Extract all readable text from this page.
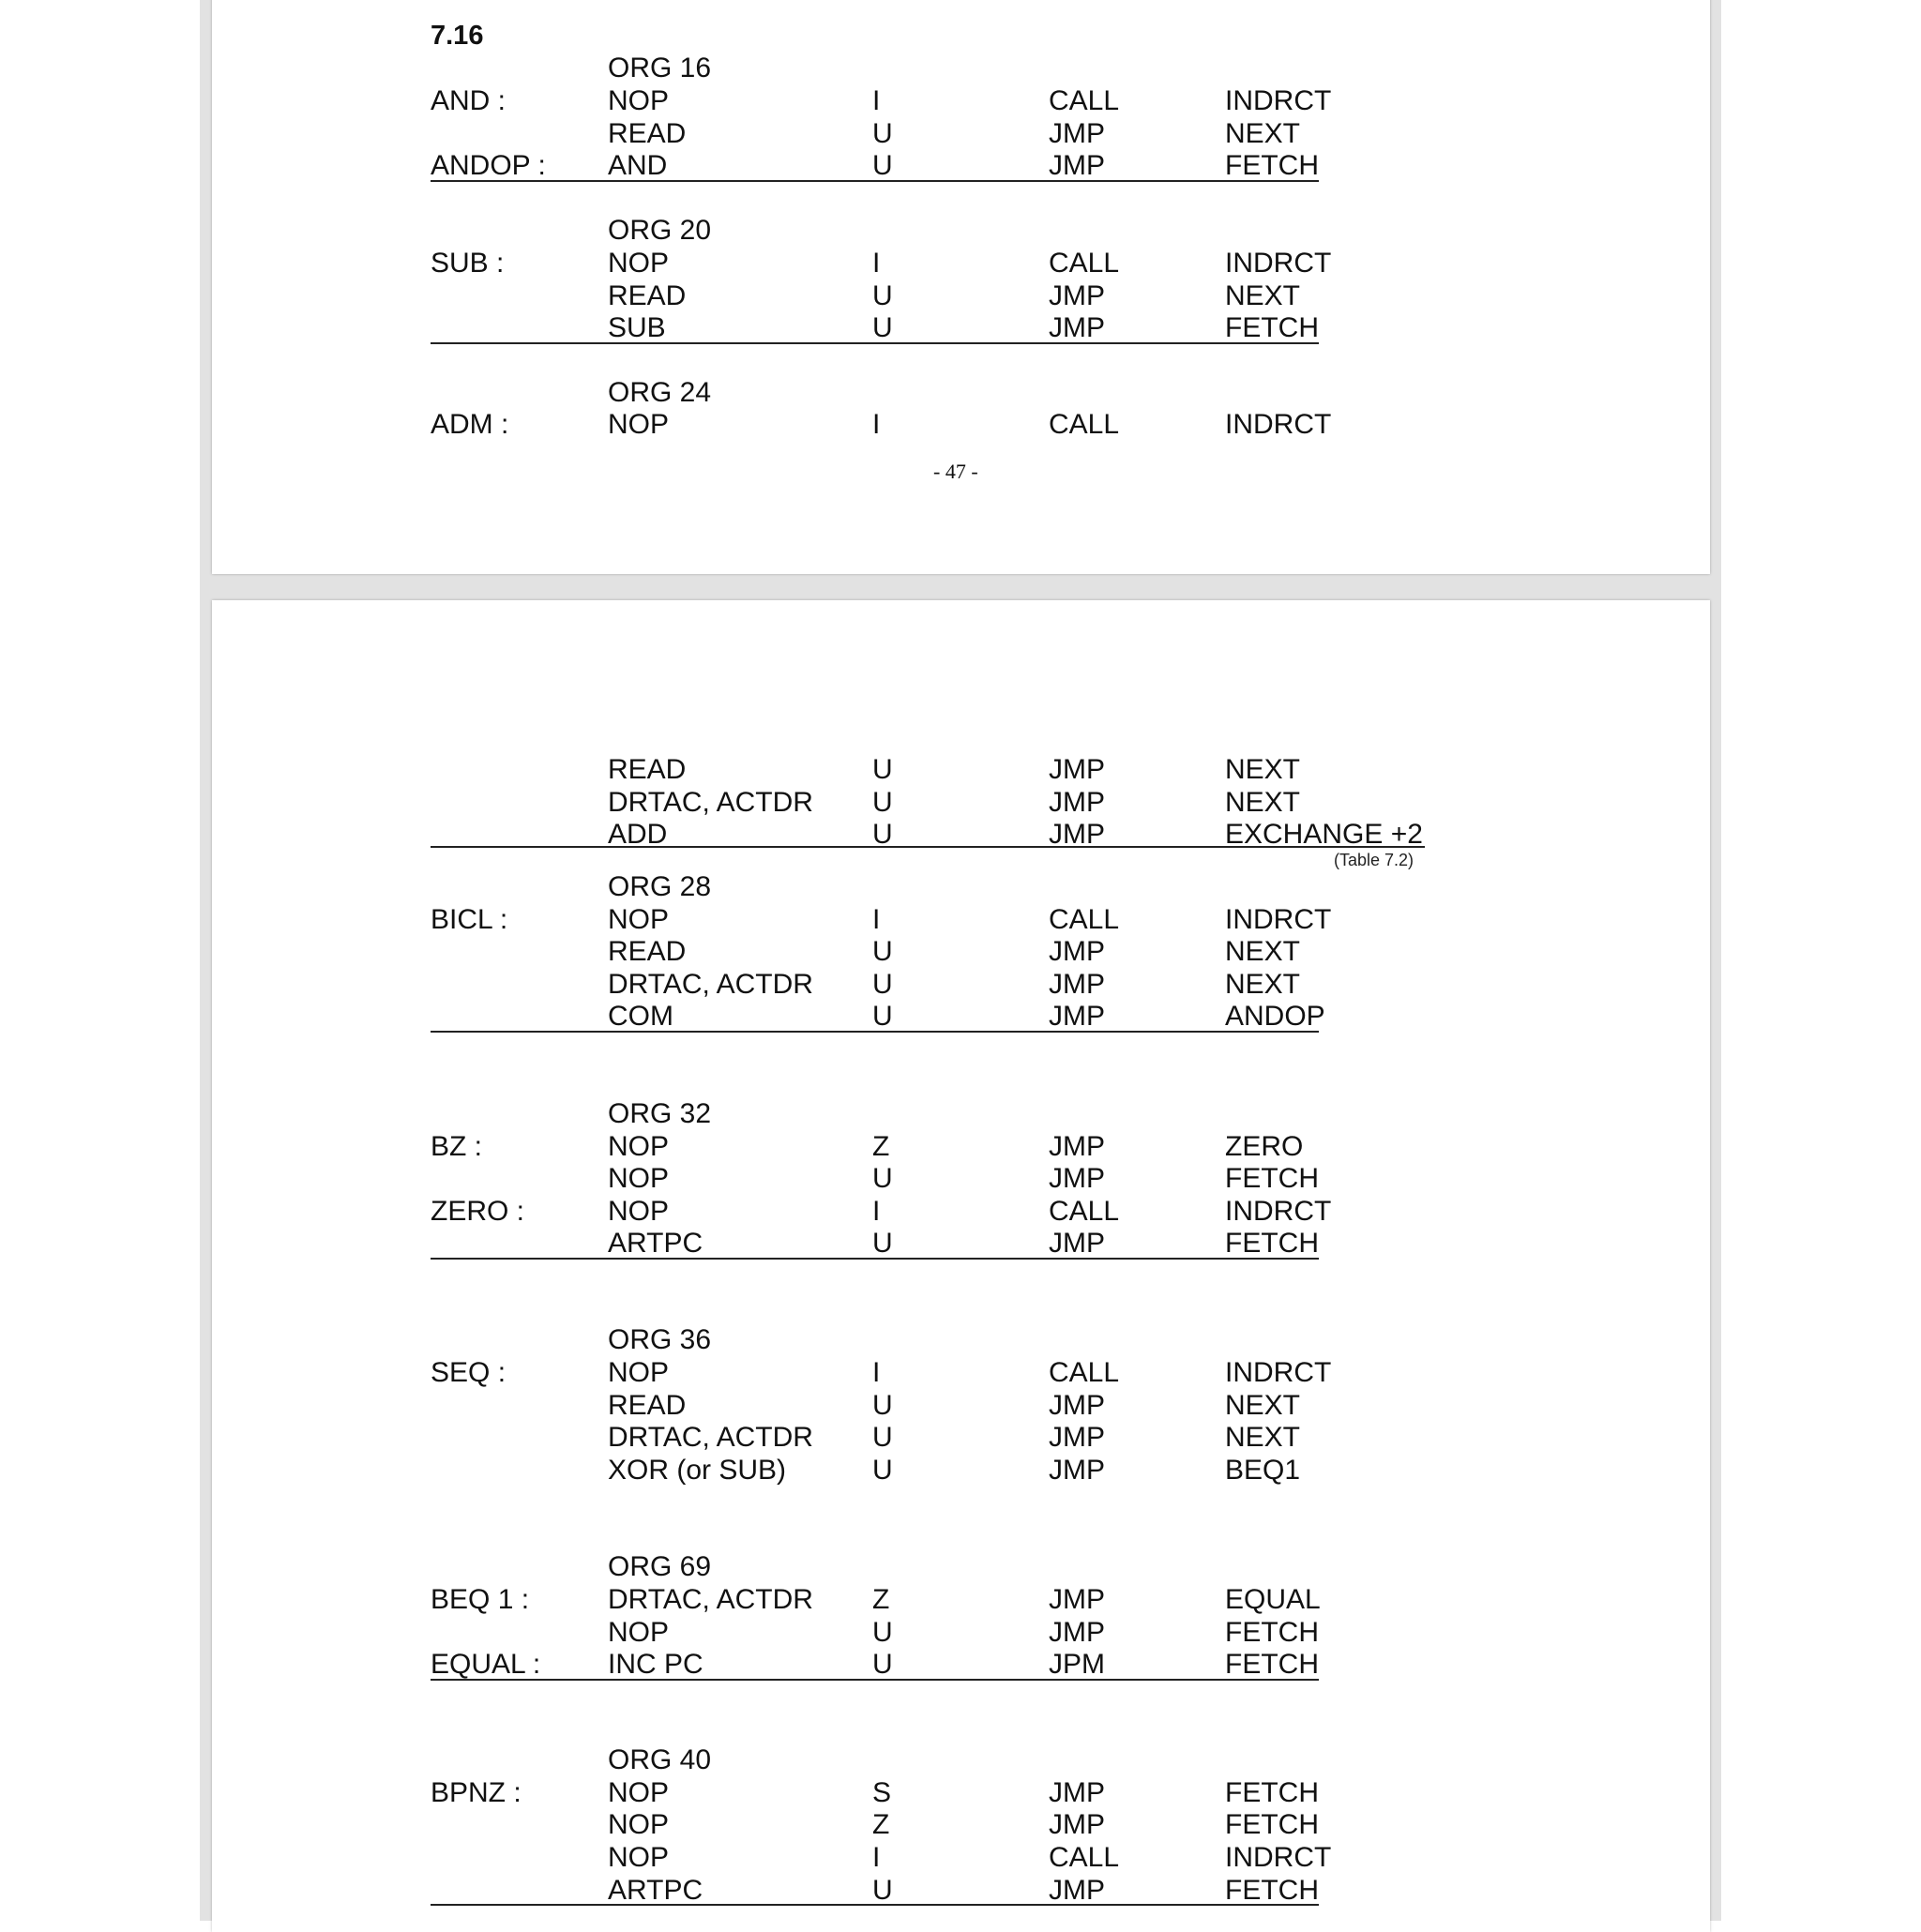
7.16
- 47 -
(Table 7.2)
ORG 16
AND :	NOP	I	CALL	INDRCT
READ	U	JMP	NEXT
ANDOP : AND	U	JMP	FETCH
ORG 20
SUB :	NOP	I	CALL	INDRCT
READ	U	JMP	NEXT
SUB	U	JMP	FETCH
ORG 24
ADM :	NOP	I	CALL	INDRCT
READ	U	JMP	NEXT
DRTAC, ACTDR U	JMP	NEXT
ADD	U	JMP	EXCHANGE +2
ORG 28
BICL :	NOP	I	CALL	INDRCT
READ	U	JMP	NEXT
DRTAC, ACTDR U	JMP	NEXT
COM	U	JMP	ANDOP
ORG 32
BZ :	NOP	Z	JMP	ZERO
NOP	U	JMP	FETCH
ZERO :	NOP	I	CALL	INDRCT
ARTPC	U	JMP	FETCH
ORG 36
SEQ :	NOP	I	CALL	INDRCT
READ	U	JMP	NEXT
DRTAC, ACTDR U	JMP	NEXT
XOR (or SUB)	U	JMP	BEQ1
ORG 69
BEQ 1 :	DRTAC, ACTDR Z	JMP	EQUAL
NOP	U	JMP	FETCH
EQUAL : INC PC	U	JPM	FETCH
ORG 40
BPNZ :	NOP	S	JMP	FETCH
NOP	Z	JMP	FETCH
NOP	I	CALL	INDRCT
ARTPC	U	JMP	FETCH
